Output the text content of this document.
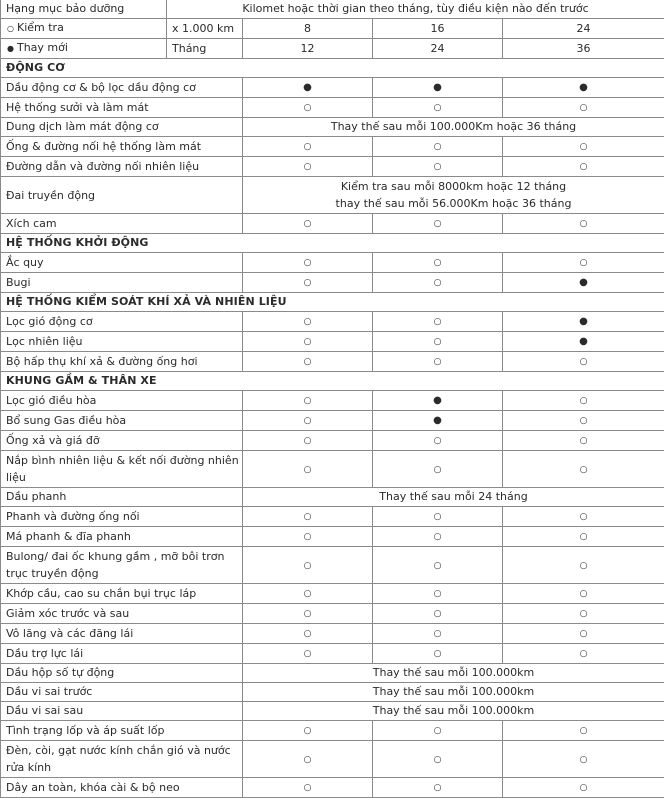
Hạng mục bảo dưỡng	Kilomet hoặc thời gian theo tháng, tùy điều kiện nào đến trước			
○ Kiểm tra	x 1.000 km	8	16	24
● Thay mới	Tháng	12	24	36
ĐỘNG CƠ				
Dầu động cơ & bộ lọc dầu động cơ		●	●	●
Hệ thống sưởi và làm mát		○	○	○
Dung dịch làm mát động cơ		Thay thế sau mỗi 100.000Km hoặc 36 tháng		

Ống & đường nối hệ thống làm mát		○	○	○
Đường dẫn và đường nối nhiên liệu		○	○	○
Đai truyền động		Kiểm tra sau mỗi 8000km hoặc 12 tháng
thay thế sau mỗi 56.000Km hoặc 36 tháng		

Xích cam		○	○	○
HỆ THỐNG KHỞI ĐỘNG				
Ắc quy		○	○	○
Bugi		○	○	●
HỆ THỐNG KIỂM SOÁT KHÍ XẢ VÀ NHIÊN LIỆU				
Lọc gió động cơ		○	○	●
Lọc nhiên liệu		○	○	●
Bộ hấp thụ khí xả & đường ống hơi		○	○	○
KHUNG GẦM & THÂN XE				
Lọc gió điều hòa		○	●	○
Bổ sung Gas điều hòa		○	●	○
Ống xả và giá đỡ		○	○	○
Nắp bình nhiên liệu & kết nối đường nhiên liệu		○	○	○
Dầu phanh		Thay thế sau mỗi 24 tháng		

Phanh và đường ống nối		○	○	○
Má phanh & đĩa phanh		○	○	○
Bulong/ đai ốc khung gầm , mỡ bôi trơn trục truyền động		○	○	○
Khớp cầu, cao su chắn bụi trục láp		○	○	○
Giảm xóc trước và sau		○	○	○
Vô lăng và các đăng lái		○	○	○
Dầu trợ lực lái		○	○	○
Dầu hộp số tự động		Thay thế sau mỗi 100.000km		

Dầu vi sai trước		Thay thế sau mỗi 100.000km		

Dầu vi sai sau		Thay thế sau mỗi 100.000km		

Tình trạng lốp và áp suất lốp		○	○	○
Đèn, còi, gạt nước kính chắn gió và nước rửa kính		○	○	○
Dây an toàn, khóa cài & bộ neo		○	○	○
